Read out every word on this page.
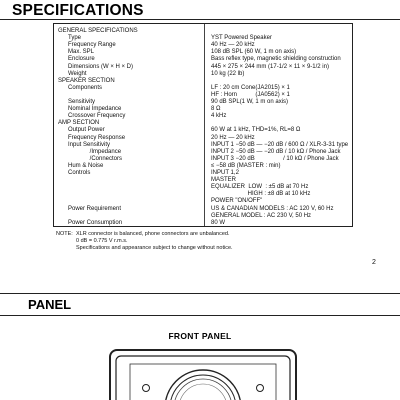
SPECIFICATIONS
GENERAL SPECIFICATIONS
Type	YST Powered Speaker
Frequency Range	40 Hz — 20 kHz
Max. SPL	108 dB SPL (60 W, 1 m on axis)
Enclosure	Bass reflex type, magnetic shielding construction
Dimensions (W × H × D)	445 × 275 × 244 mm (17-1/2 × 11 × 9-1/2 in)
Weight	10 kg (22 lb)
SPEAKER SECTION
Components	LF : 20 cm Cone(JA2015) × 1
HF : Horn           (JA0562) × 1
Sensitivity	90 dB SPL(1 W, 1 m on axis)
Nominal Impedance	8 Ω
Crossover Frequency	4 kHz
AMP SECTION
Output Power	60 W at 1 kHz, THD=1%, RL=8 Ω
Frequency Response	20 Hz — 20 kHz
Input Sensitivity	INPUT 1 −50 dB — −20 dB / 600 Ω / XLR-3-31 type
/Impedance	INPUT 2 −50 dB — −20 dB / 10 kΩ / Phone Jack
/Connectors	INPUT 3 −20 dB                 / 10 kΩ / Phone Jack
Hum & Noise	≤ −58 dB (MASTER : min)
Controls	INPUT 1,2
MASTER
EQUALIZER  LOW  : ±5 dB at 70 Hz
HIGH : ±8 dB at 10 kHz
POWER "ON/OFF"
Power Requirement	US & CANADIAN MODELS : AC 120 V, 60 Hz
GENERAL MODEL : AC 230 V, 50 Hz
Power Consumption	80 W
NOTE: XLR connector is balanced, phone connectors are unbalanced.
0 dB = 0.775 V r.m.s.
Specifications and appearance subject to change without notice.
2
PANEL
FRONT PANEL
